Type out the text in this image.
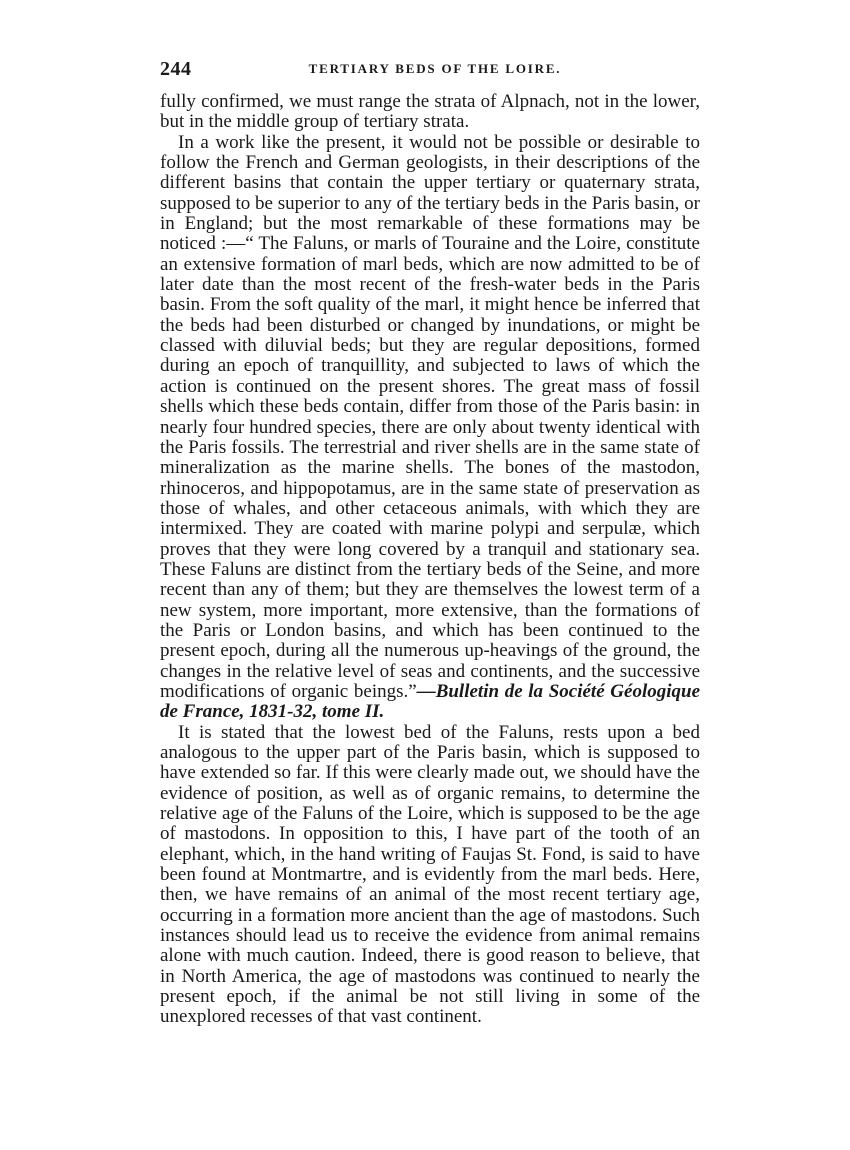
244	TERTIARY BEDS OF THE LOIRE.

fully confirmed, we must range the strata of Alpnach, not in the lower, but in the middle group of tertiary strata.

In a work like the present, it would not be possible or desirable to follow the French and German geologists, in their descriptions of the different basins that contain the upper tertiary or quaternary strata, supposed to be superior to any of the tertiary beds in the Paris basin, or in England; but the most remarkable of these formations may be noticed :—“ The Faluns, or marls of Touraine and the Loire, constitute an extensive formation of marl beds, which are now admitted to be of later date than the most recent of the fresh-water beds in the Paris basin. From the soft quality of the marl, it might hence be inferred that the beds had been disturbed or changed by inundations, or might be classed with diluvial beds; but they are regular depositions, formed during an epoch of tranquillity, and subjected to laws of which the action is continued on the present shores. The great mass of fossil shells which these beds contain, differ from those of the Paris basin: in nearly four hundred species, there are only about twenty identical with the Paris fossils. The terrestrial and river shells are in the same state of mineralization as the marine shells. The bones of the mastodon, rhinoceros, and hippopotamus, are in the same state of preservation as those of whales, and other cetaceous animals, with which they are intermixed. They are coated with marine polypi and serpulæ, which proves that they were long covered by a tranquil and stationary sea. These Faluns are distinct from the tertiary beds of the Seine, and more recent than any of them; but they are themselves the lowest term of a new system, more important, more extensive, than the formations of the Paris or London basins, and which has been continued to the present epoch, during all the numerous up-heavings of the ground, the changes in the relative level of seas and continents, and the successive modifications of organic beings.”—Bulletin de la Société Géologique de France, 1831-32, tome II.

It is stated that the lowest bed of the Faluns, rests upon a bed analogous to the upper part of the Paris basin, which is supposed to have extended so far. If this were clearly made out, we should have the evidence of position, as well as of organic remains, to determine the relative age of the Faluns of the Loire, which is supposed to be the age of mastodons. In opposition to this, I have part of the tooth of an elephant, which, in the hand writing of Faujas St. Fond, is said to have been found at Montmartre, and is evidently from the marl beds. Here, then, we have remains of an animal of the most recent tertiary age, occurring in a formation more ancient than the age of mastodons. Such instances should lead us to receive the evidence from animal remains alone with much caution. Indeed, there is good reason to believe, that in North America, the age of mastodons was continued to nearly the present epoch, if the animal be not still living in some of the unexplored recesses of that vast continent.
